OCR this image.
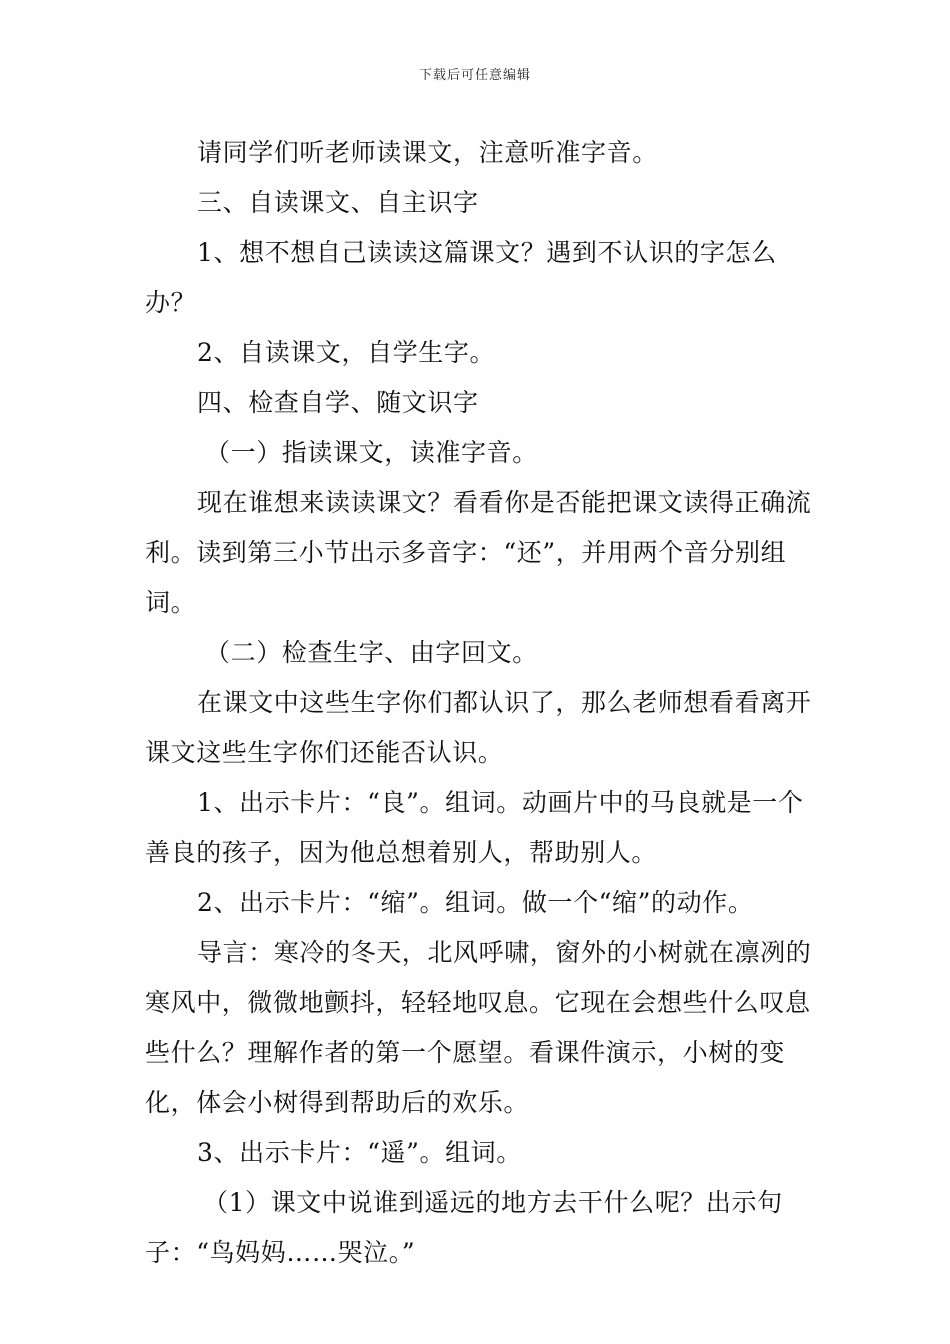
下载后可任意编辑

请同学们听老师读课文，注意听准字音。

三、自读课文、自主识字

1、想不想自己读读这篇课文？遇到不认识的字怎么办？

2、自读课文，自学生字。

四、检查自学、随文识字

（一）指读课文，读准字音。

现在谁想来读读课文？看看你是否能把课文读得正确流利。读到第三小节出示多音字：“还”，并用两个音分别组词。

（二）检查生字、由字回文。

在课文中这些生字你们都认识了，那么老师想看看离开课文这些生字你们还能否认识。

1、出示卡片：“良”。组词。动画片中的马良就是一个善良的孩子，因为他总想着别人，帮助别人。

2、出示卡片：“缩”。组词。做一个“缩”的动作。

导言：寒冷的冬天，北风呼啸，窗外的小树就在凛冽的寒风中，微微地颤抖，轻轻地叹息。它现在会想些什么叹息些什么？理解作者的第一个愿望。看课件演示，小树的变化，体会小树得到帮助后的欢乐。

3、出示卡片：“遥”。组词。

（1）课文中说谁到遥远的地方去干什么呢？出示句子：“鸟妈妈……哭泣。”
